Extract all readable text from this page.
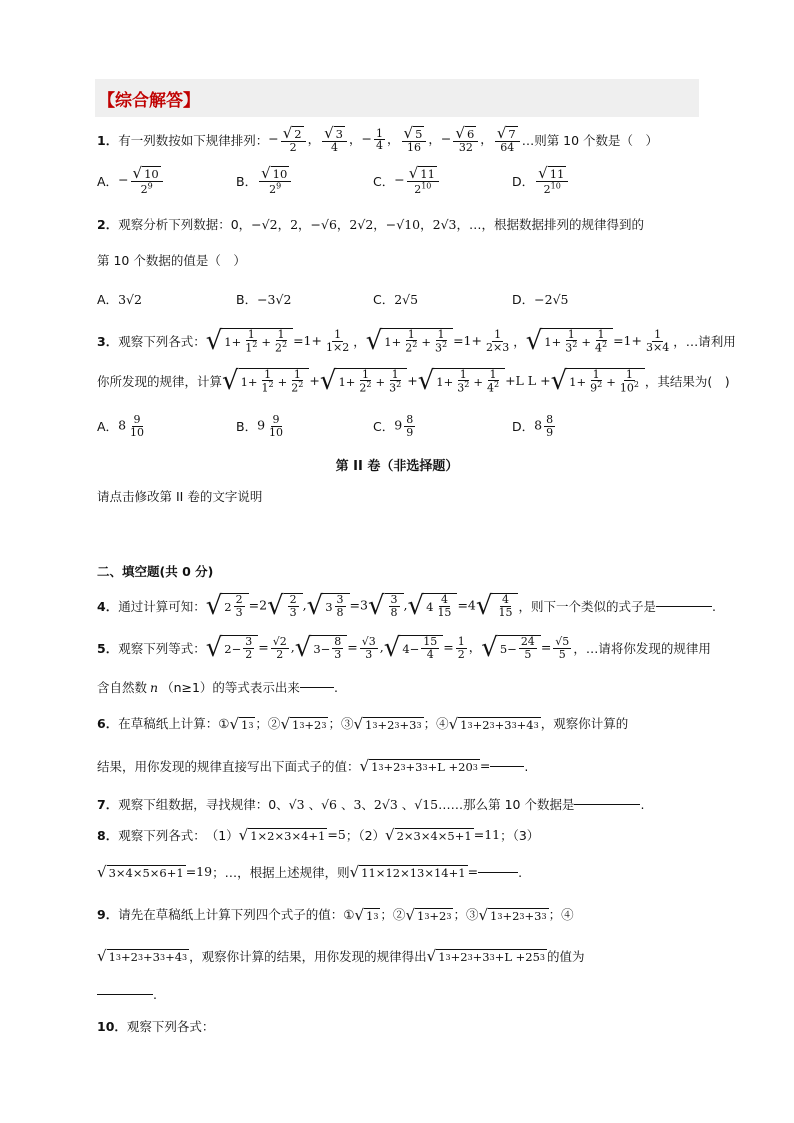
【综合解答】
1． 有一列数按如下规律排列： − $\frac{√ 2}{2}$ ， $\frac{√ 3}{4}$ ，− $\frac{1}{4}$ ， $\frac{√ 5}{16}$ ，− $\frac{√ 6}{32}$ ， $\frac{√ 7}{64}$ …则第 10 个数是（　）
A． − $\frac{√ 10}{2^9}$	B． $\frac{√ 10}{2^9}$	C． − $\frac{√ 11}{2^{10}}$	D． $\frac{√ 11}{2^{10}}$
2． 观察分析下列数据：0， −√2，2，−√6，2√2，−√10，2√3 ，…，根据数据排列的规律得到的
第 10 个数据的值是（　）
A． 3√2	B． −3√2	C． 2√5	D． −2√5
3． 观察下列各式： √ $1+ \frac{1}{1^2} + \frac{1}{2^2} =1+ \frac{1}{1\times 2}$ ， √ $1+ \frac{1}{2^2} + \frac{1}{3^2} =1+ \frac{1}{2\times 3}$ ， √ $1+ \frac{1}{3^2} + \frac{1}{4^2} =1+ \frac{1}{3\times 4}$ ，…请利用
你所发现的规律，计算 √ $1+ \frac{1}{1^2} + \frac{1}{2^2}$ + √ $1+ \frac{1}{2^2} + \frac{1}{3^2}$ + √ $1+ \frac{1}{3^2} + \frac{1}{4^2} +L$ L + √ $1+ \frac{1}{9^2} + \frac{1}{10^2}$ ，其结果为(　)
A． $8 \frac{9}{10}$	B． $9 \frac{9}{10}$	C． $9 \frac{8}{9}$	D． $8 \frac{8}{9}$
第 II 卷（非选择题）
请点击修改第 II 卷的文字说明
二、填空题(共 0 分)
4． 通过计算可知： √ $2 \frac{2}{3} =2$ √ $\frac{2}{3}$ , √ $3 \frac{3}{8} =3$ √ $\frac{3}{8}$ , √ $4 \frac{4}{15} =4$ √ $\frac{4}{15}$ ，则下一个类似的式子是	.
5． 观察下列等式： √ $2- \frac{3}{2} = \frac{√2}{2}$ , √ $3- \frac{8}{3} = \frac{√3}{3}$ , √ $4- \frac{15}{4} = \frac{1}{2}$ ， √ $5- \frac{24}{5} = \frac{√5}{5}$ ，…请将你发现的规律用
含自然数 n （n≥1）的等式表示出来	.
6． 在草稿纸上计算： ① √ 1 3 ；② √ 1 3 +2 3 ；③ √ 1 3 +2 3 +3 3 ；④ √ 1 3 +2 3 +3 3 +4 3 ，观察你计算的
结果，用你发现的规律直接写出下面式子的值： √ 1 3 +2 3 +3 3 +L +20 3 =	.
7． 观察下组数据，寻找规律：0、 √3 、√6 、3、2√3 、√15 ……那么第 10 个数据是	.
8． 观察下列各式： （1） √ 1×2×3×4+1 =5 ；（2） √ 2×3×4×5+1 =11 ；（3）
√ 3×4×5×6+1 =19 ；…，根据上述规律，则 √ 11×12×13×14+1 =	.
9． 请先在草稿纸上计算下列四个式子的值： ① √ 1 3 ；② √ 1 3 +2 3 ；③ √ 1 3 +2 3 +3 3 ；④
√ 1 3 +2 3 +3 3 +4 3 ，观察你计算的结果，用你发现的规律得出 √ 1 3 +2 3 +3 3 +L +25 3 的值为
.
10． 观察下列各式：
